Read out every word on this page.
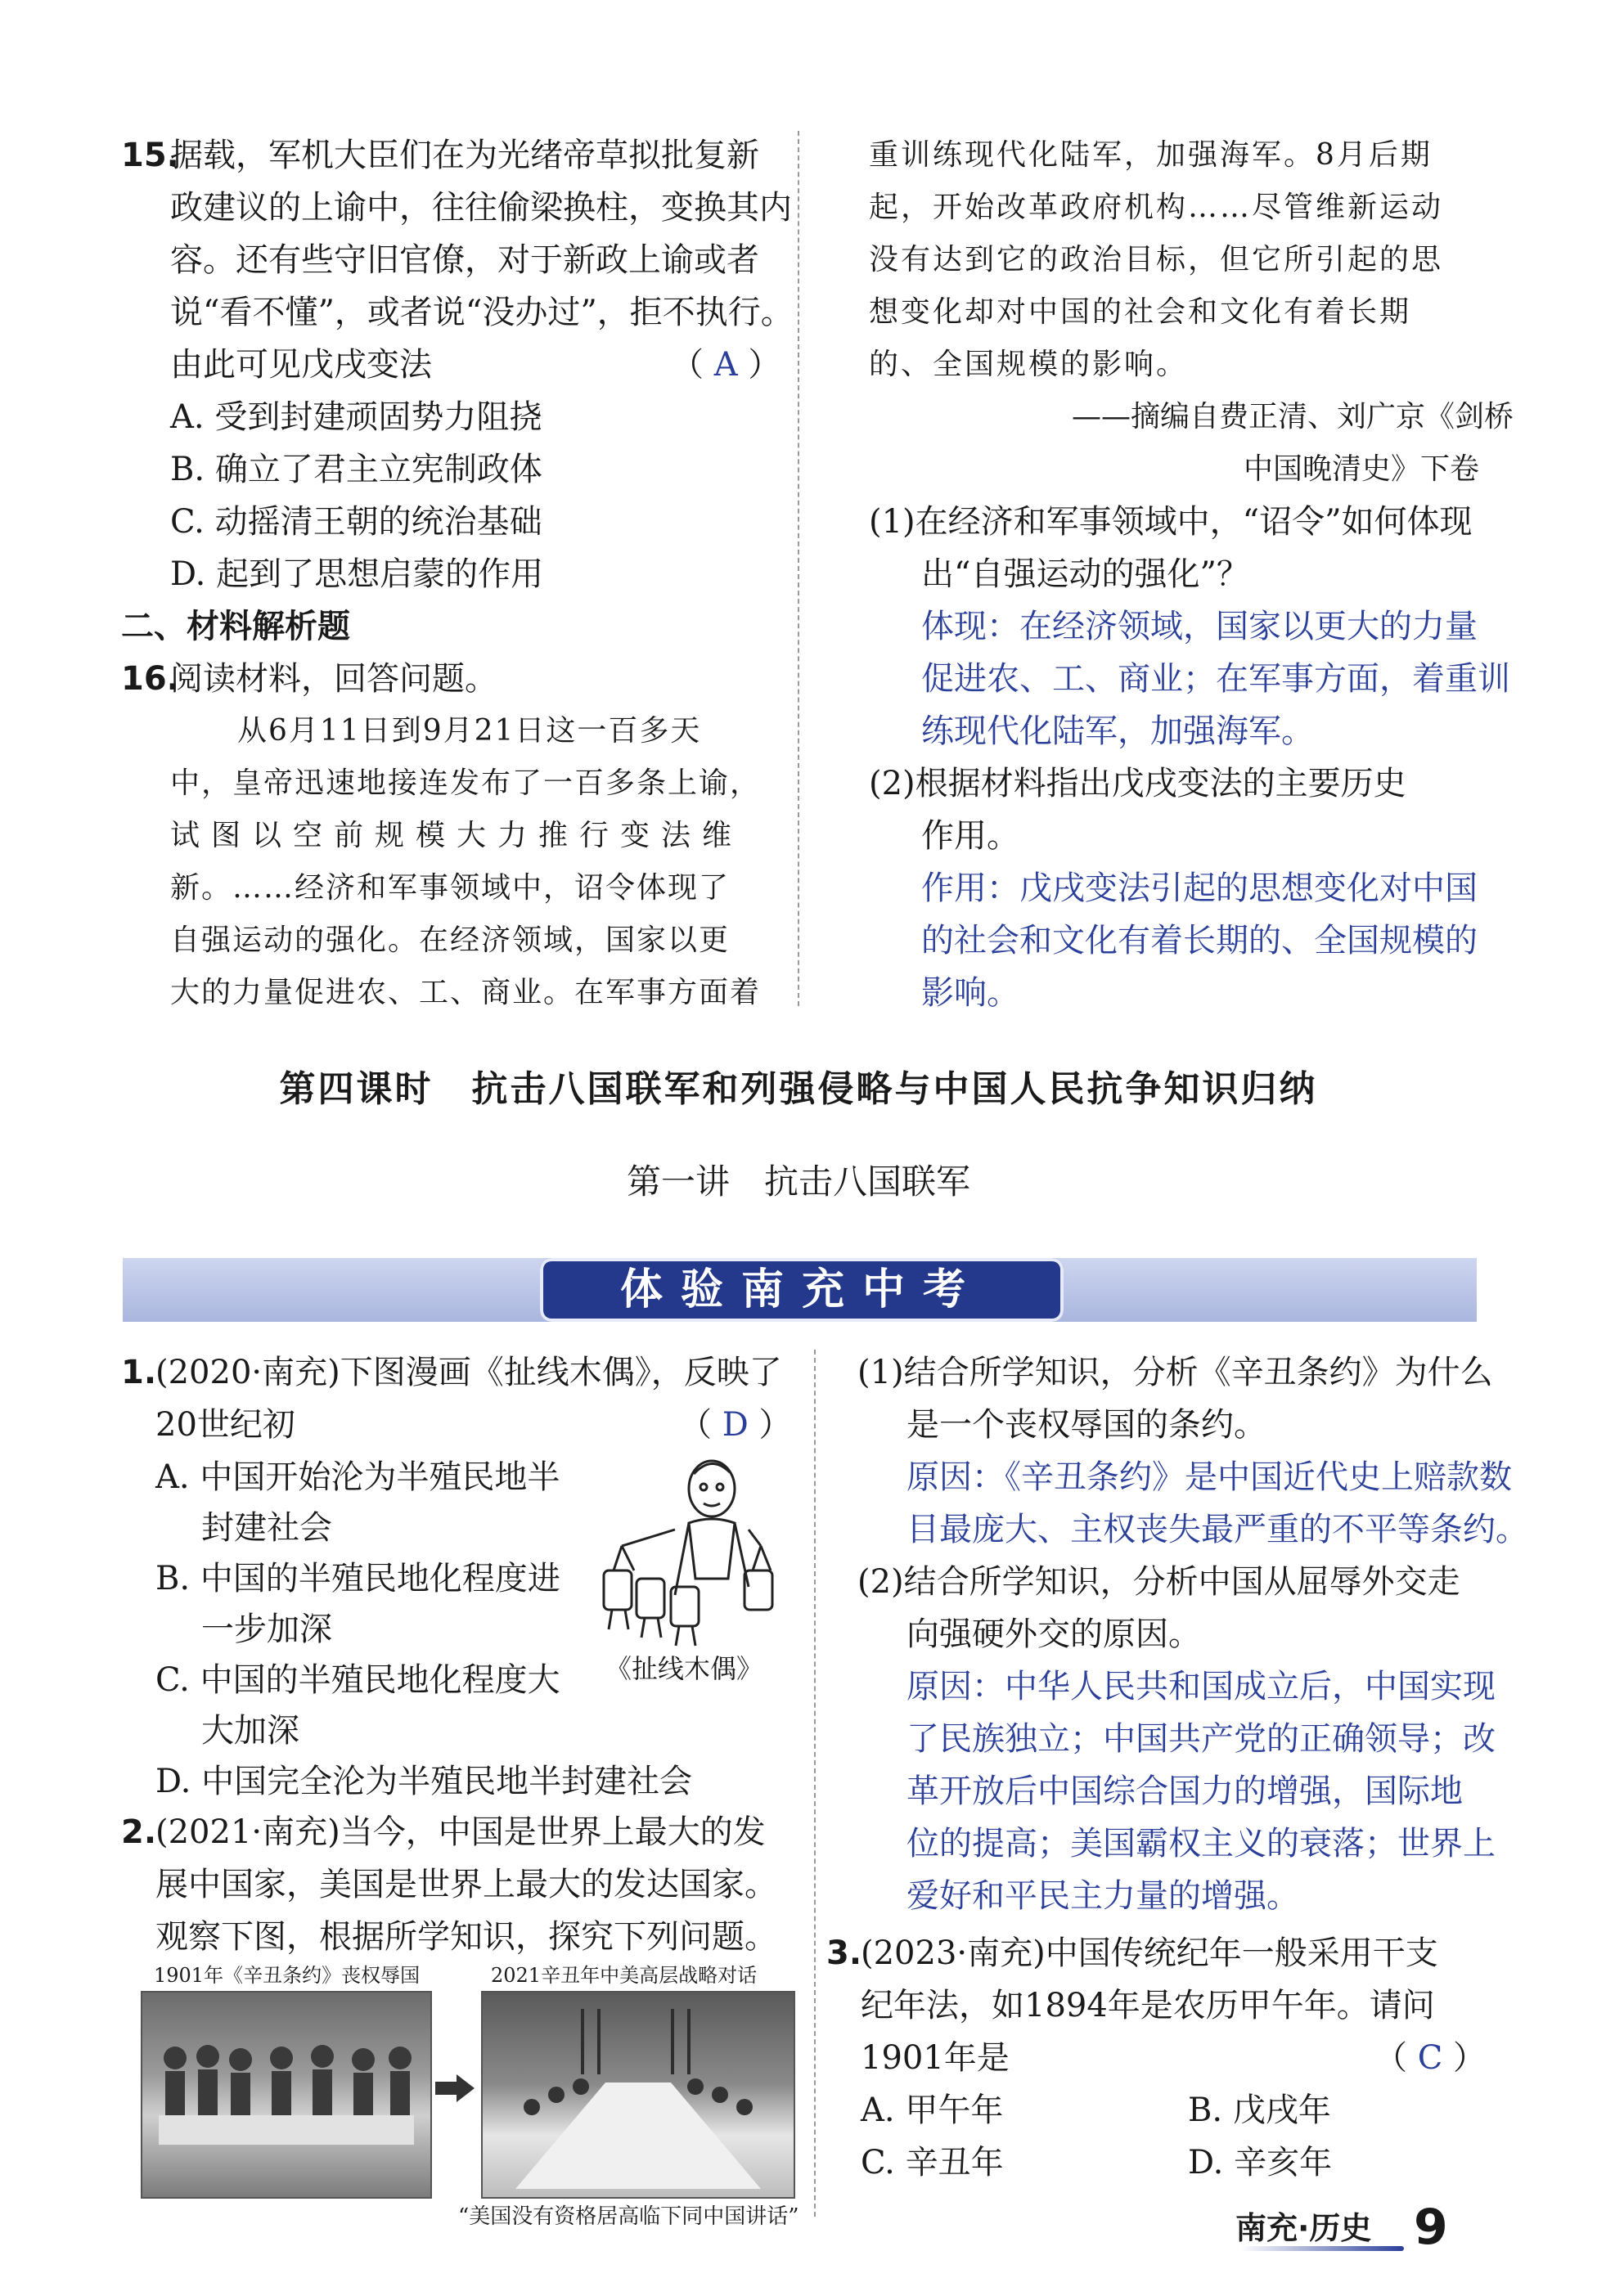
15.
据载，军机大臣们在为光绪帝草拟批复新
政建议的上谕中，往往偷梁换柱，变换其内
容。还有些守旧官僚，对于新政上谕或者
说“看不懂”，或者说“没办过”，拒不执行。
由此可见戊戌变法	（ A ）
A. 受到封建顽固势力阻挠
B. 确立了君主立宪制政体
C. 动摇清王朝的统治基础
D. 起到了思想启蒙的作用
二、材料解析题
16.
阅读材料，回答问题。
从6月11日到9月21日这一百多天
中，皇帝迅速地接连发布了一百多条上谕，
试图以空前规模大力推行变法维
新。……经济和军事领域中，诏令体现了
自强运动的强化。在经济领域，国家以更
大的力量促进农、工、商业。在军事方面着
重训练现代化陆军，加强海军。8月后期
起，开始改革政府机构……尽管维新运动
没有达到它的政治目标，但它所引起的思
想变化却对中国的社会和文化有着长期
的、全国规模的影响。
——摘编自费正清、刘广京《剑桥
中国晚清史》下卷
(1)在经济和军事领域中，“诏令”如何体现
出“自强运动的强化”？
体现：在经济领域，国家以更大的力量
促进农、工、商业；在军事方面，着重训
练现代化陆军，加强海军。
(2)根据材料指出戊戌变法的主要历史
作用。
作用：戊戌变法引起的思想变化对中国
的社会和文化有着长期的、全国规模的
影响。
第四课时　抗击八国联军和列强侵略与中国人民抗争知识归纳
第一讲　抗击八国联军
体验南充中考
1.
(2020·南充)下图漫画《扯线木偶》，反映了
20世纪初	（ D ）
A. 中国开始沦为半殖民地半
封建社会
B. 中国的半殖民地化程度进
一步加深
C. 中国的半殖民地化程度大
大加深
D. 中国完全沦为半殖民地半封建社会
《扯线木偶》
2.
(2021·南充)当今，中国是世界上最大的发
展中国家，美国是世界上最大的发达国家。
观察下图，根据所学知识，探究下列问题。
1901年《辛丑条约》丧权辱国	2021辛丑年中美高层战略对话
“美国没有资格居高临下同中国讲话”
(1)结合所学知识，分析《辛丑条约》为什么
是一个丧权辱国的条约。
原因：《辛丑条约》是中国近代史上赔款数
目最庞大、主权丧失最严重的不平等条约。
(2)结合所学知识，分析中国从屈辱外交走
向强硬外交的原因。
原因：中华人民共和国成立后，中国实现
了民族独立；中国共产党的正确领导；改
革开放后中国综合国力的增强，国际地
位的提高；美国霸权主义的衰落；世界上
爱好和平民主力量的增强。
3.
(2023·南充)中国传统纪年一般采用干支
纪年法，如1894年是农历甲午年。请问
1901年是	（ C ）
A. 甲午年	B. 戊戌年
C. 辛丑年	D. 辛亥年
南充·历史 9
